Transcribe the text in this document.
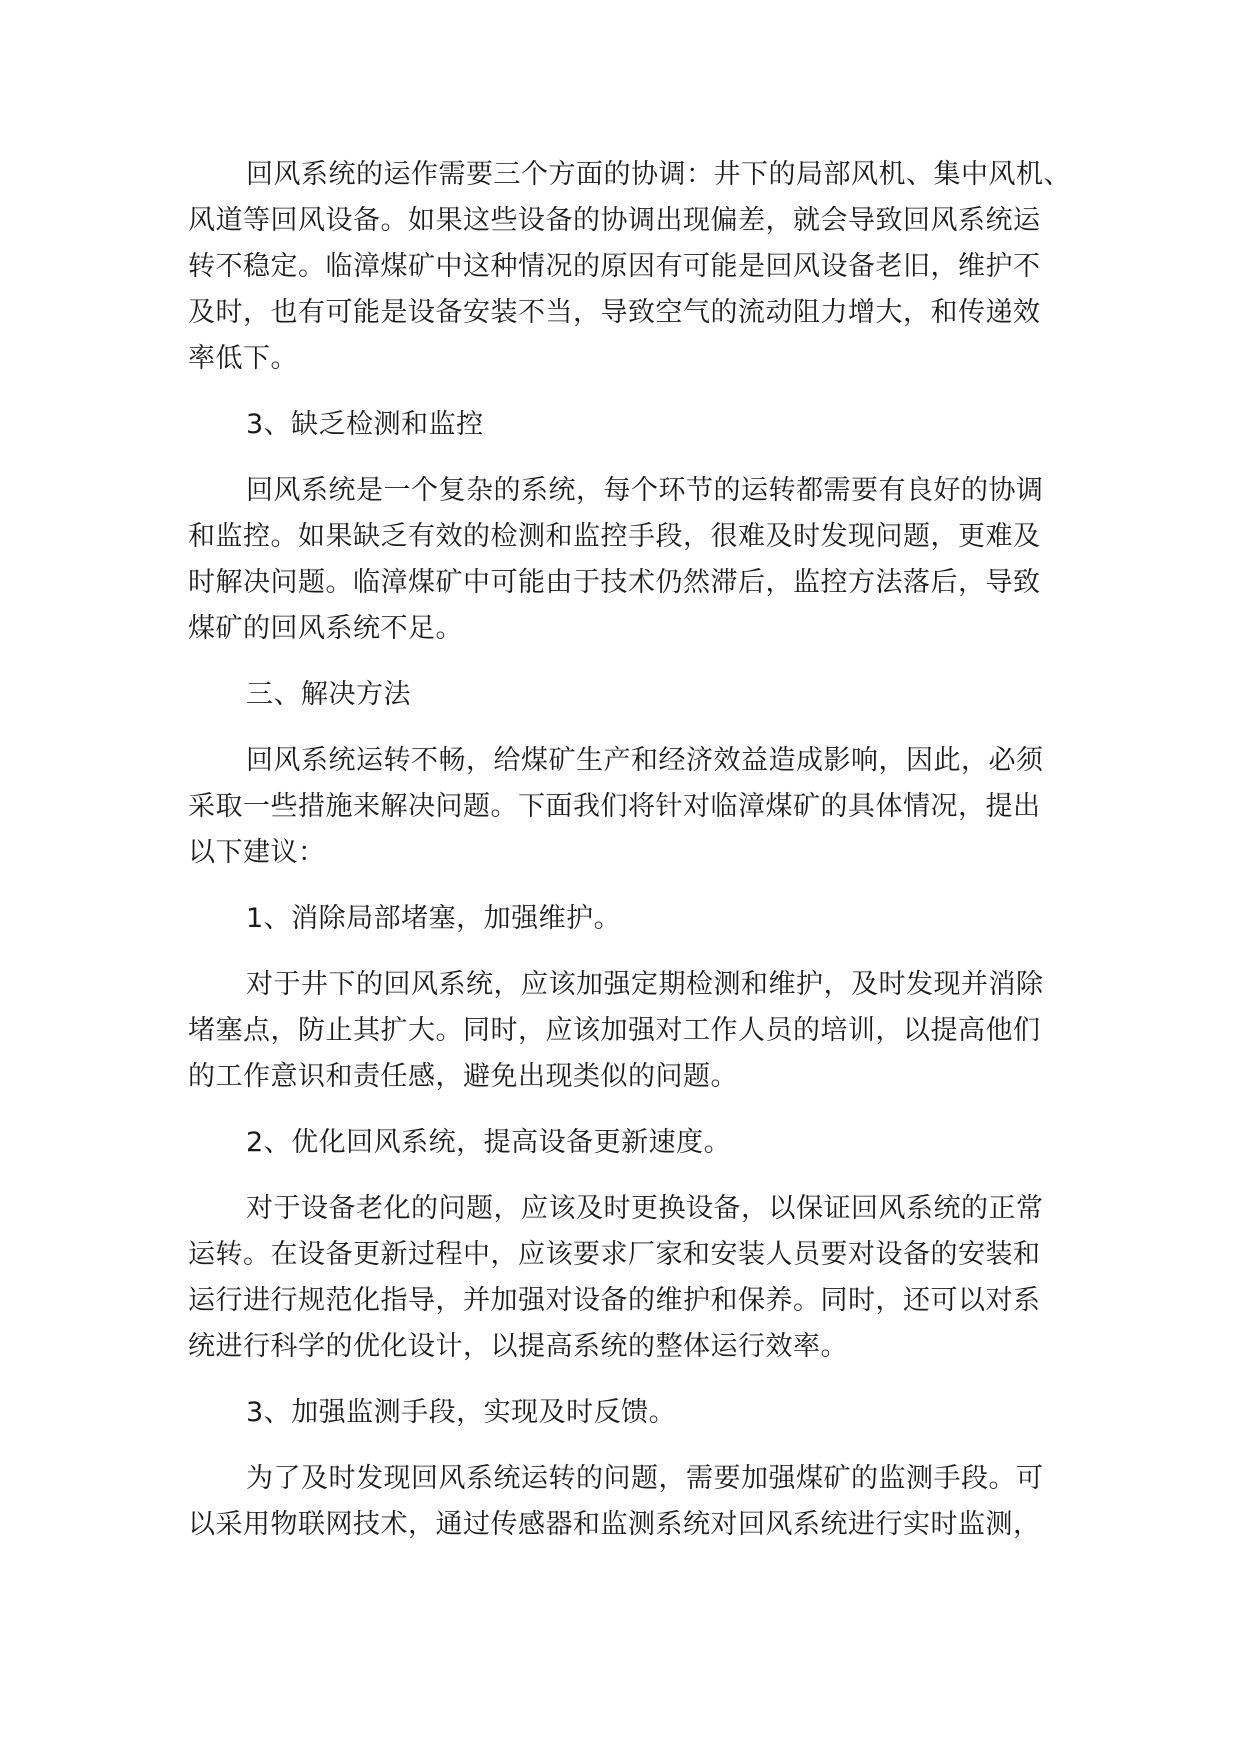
回风系统的运作需要三个方面的协调：井下的局部风机、集中风机、
风道等回风设备。如果这些设备的协调出现偏差，就会导致回风系统运
转不稳定。临漳煤矿中这种情况的原因有可能是回风设备老旧，维护不
及时，也有可能是设备安装不当，导致空气的流动阻力增大，和传递效
率低下。
3、缺乏检测和监控
回风系统是一个复杂的系统，每个环节的运转都需要有良好的协调
和监控。如果缺乏有效的检测和监控手段，很难及时发现问题，更难及
时解决问题。临漳煤矿中可能由于技术仍然滞后，监控方法落后，导致
煤矿的回风系统不足。
三、解决方法
回风系统运转不畅，给煤矿生产和经济效益造成影响，因此，必须
采取一些措施来解决问题。下面我们将针对临漳煤矿的具体情况，提出
以下建议：
1、消除局部堵塞，加强维护。
对于井下的回风系统，应该加强定期检测和维护，及时发现并消除
堵塞点，防止其扩大。同时，应该加强对工作人员的培训，以提高他们
的工作意识和责任感，避免出现类似的问题。
2、优化回风系统，提高设备更新速度。
对于设备老化的问题，应该及时更换设备，以保证回风系统的正常
运转。在设备更新过程中，应该要求厂家和安装人员要对设备的安装和
运行进行规范化指导，并加强对设备的维护和保养。同时，还可以对系
统进行科学的优化设计，以提高系统的整体运行效率。
3、加强监测手段，实现及时反馈。
为了及时发现回风系统运转的问题，需要加强煤矿的监测手段。可
以采用物联网技术，通过传感器和监测系统对回风系统进行实时监测，
